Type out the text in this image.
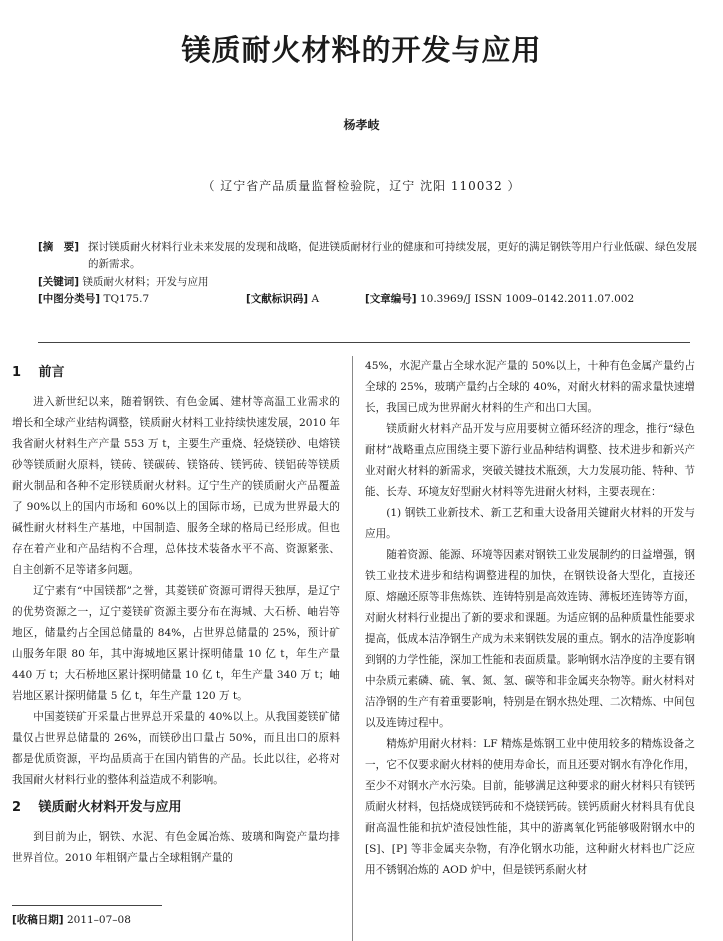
镁质耐火材料的开发与应用
杨孝岐
（ 辽宁省产品质量监督检验院，辽宁 沈阳 110032 ）
[摘　要] 探讨镁质耐火材料行业未来发展的发现和战略，促进镁质耐材行业的健康和可持续发展，更好的满足钢铁等用户行业低碳、绿色发展的新需求。
[关键词] 镁质耐火材料；开发与应用
[中图分类号] TQ175.7	[文献标识码] A	[文章编号] 10.3969/J ISSN 1009–0142.2011.07.002
1 前言

进入新世纪以来，随着钢铁、有色金属、建材等高温工业需求的增长和全球产业结构调整，镁质耐火材料工业持续快速发展，2010 年我省耐火材料生产产量 553 万 t，主要生产重烧、轻烧镁砂、电熔镁砂等镁质耐火原料，镁砖、镁碳砖、镁铬砖、镁钙砖、镁铝砖等镁质耐火制品和各种不定形镁质耐火材料。辽宁生产的镁质耐火产品覆盖了 90%以上的国内市场和 60%以上的国际市场，已成为世界最大的碱性耐火材料生产基地，中国制造、服务全球的格局已经形成。但也存在着产业和产品结构不合理，总体技术装备水平不高、资源紧张、自主创新不足等诸多问题。

辽宁素有“中国镁都”之誉，其菱镁矿资源可谓得天独厚，是辽宁的优势资源之一，辽宁菱镁矿资源主要分布在海城、大石桥、岫岩等地区，储量约占全国总储量的 84%，占世界总储量的 25%，预计矿山服务年限 80 年，其中海城地区累计探明储量 10 亿 t，年生产量 440 万 t；大石桥地区累计探明储量 10 亿 t，年生产量 340 万 t；岫岩地区累计探明储量 5 亿 t，年生产量 120 万 t。

中国菱镁矿开采量占世界总开采量的 40%以上。从我国菱镁矿储量仅占世界总储量的 26%，而镁砂出口量占 50%，而且出口的原料都是优质资源，平均品质高于在国内销售的产品。长此以往，必将对我国耐火材料行业的整体利益造成不利影响。

2 镁质耐火材料开发与应用

到目前为止，钢铁、水泥、有色金属冶炼、玻璃和陶瓷产量均排世界首位。2010 年粗钢产量占全球粗钢产量的

45%，水泥产量占全球水泥产量的 50%以上，十种有色金属产量约占全球的 25%，玻璃产量约占全球的 40%，对耐火材料的需求量快速增长，我国已成为世界耐火材料的生产和出口大国。

镁质耐火材料产品开发与应用要树立循环经济的理念，推行“绿色耐材”战略重点应围绕主要下游行业品种结构调整、技术进步和新兴产业对耐火材料的新需求，突破关键技术瓶颈，大力发展功能、特种、节能、长寿、环境友好型耐火材料等先进耐火材料，主要表现在：

(1) 钢铁工业新技术、新工艺和重大设备用关键耐火材料的开发与应用。

随着资源、能源、环境等因素对钢铁工业发展制约的日益增强，钢铁工业技术进步和结构调整进程的加快，在钢铁设备大型化，直接还原、熔融还原等非焦炼铁、连铸特别是高效连铸、薄板坯连铸等方面，对耐火材料行业提出了新的要求和课题。为适应钢的品种质量性能要求提高，低成本洁净钢生产成为未来钢铁发展的重点。钢水的洁净度影响到钢的力学性能，深加工性能和表面质量。影响钢水洁净度的主要有钢中杂质元素磷、硫、氧、氮、氢、碳等和非金属夹杂物等。耐火材料对洁净钢的生产有着重要影响，特别是在钢水热处理、二次精炼、中间包以及连铸过程中。

精炼炉用耐火材料：LF 精炼是炼钢工业中使用较多的精炼设备之一，它不仅要求耐火材料的使用寿命长，而且还要对钢水有净化作用，至少不对钢水产水污染。目前，能够满足这种要求的耐火材料只有镁钙质耐火材料，包括烧成镁钙砖和不烧镁钙砖。镁钙质耐火材料具有优良耐高温性能和抗炉渣侵蚀性能，其中的游离氧化钙能够吸附钢水中的 [S]、[P] 等非金属夹杂物，有净化钢水功能，这种耐火材料也广泛应用不锈钢冶炼的 AOD 炉中，但是镁钙系耐火材

[收稿日期] 2011–07–08
